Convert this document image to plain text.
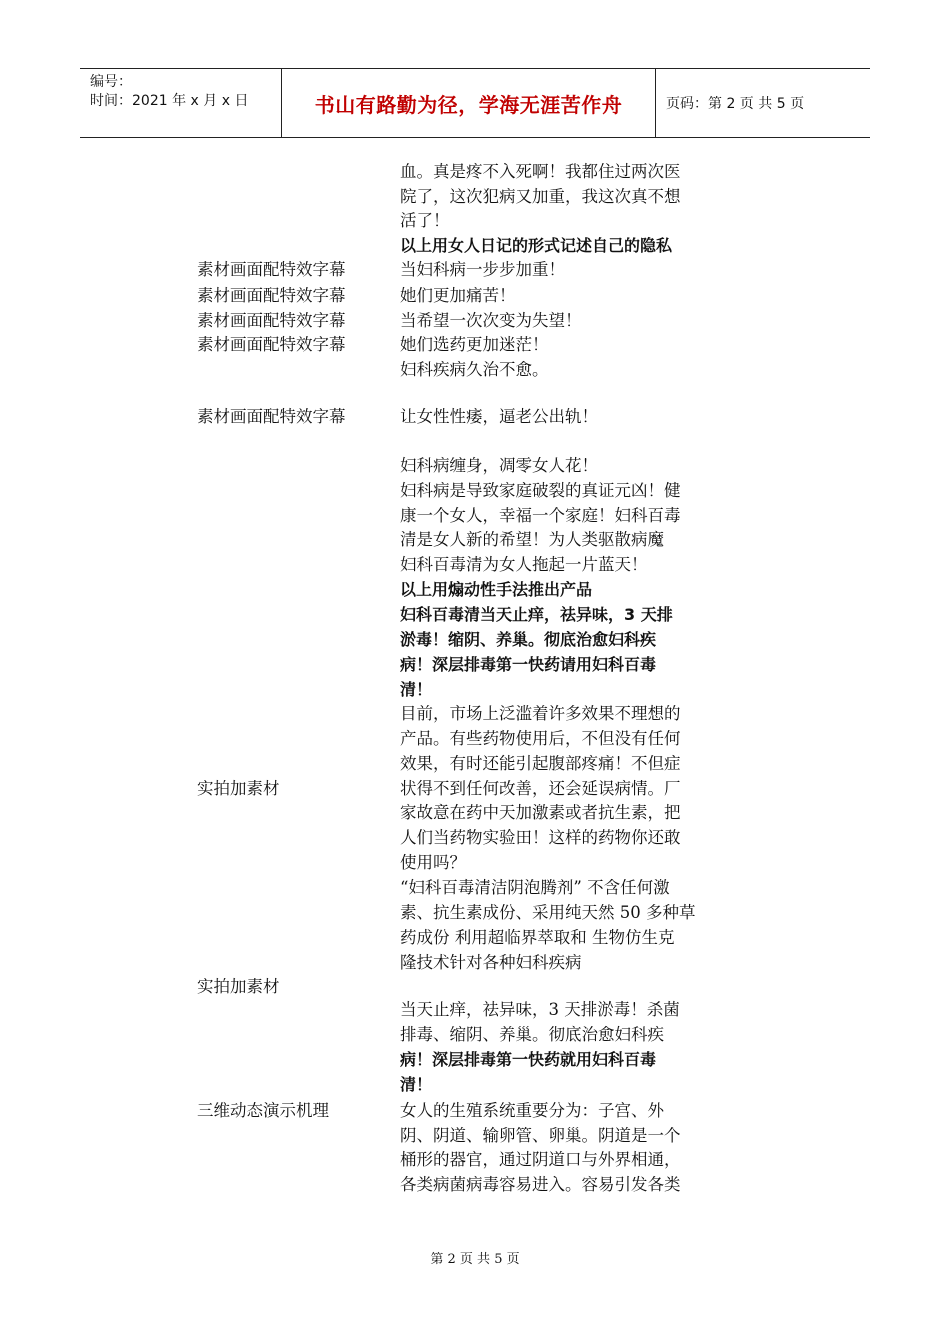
编号：
时间：2021 年 x 月 x 日	书山有路勤为径，学海无涯苦作舟	页码：第 2 页 共 5 页
素材画面配特效字幕
素材画面配特效字幕
素材画面配特效字幕
素材画面配特效字幕
素材画面配特效字幕
实拍加素材
实拍加素材
三维动态演示机理
血。真是疼不入死啊！我都住过两次医
院了，这次犯病又加重，我这次真不想
活了！
以上用女人日记的形式记述自己的隐私
当妇科病一步步加重！
她们更加痛苦！
当希望一次次变为失望！
她们选药更加迷茫！
妇科疾病久治不愈。
让女性性痿，逼老公出轨！
妇科病缠身，凋零女人花！
妇科病是导致家庭破裂的真证元凶！健
康一个女人，幸福一个家庭！妇科百毒
清是女人新的希望！为人类驱散病魔
妇科百毒清为女人拖起一片蓝天！
以上用煽动性手法推出产品
妇科百毒清当天止痒，祛异味，3 天排
淤毒！缩阴、养巢。彻底治愈妇科疾
病！深层排毒第一快药请用妇科百毒
清！
目前，市场上泛滥着许多效果不理想的
产品。有些药物使用后，不但没有任何
效果，有时还能引起腹部疼痛！不但症
状得不到任何改善，还会延误病情。厂
家故意在药中天加激素或者抗生素，把
人们当药物实验田！这样的药物你还敢
使用吗？
“妇科百毒清洁阴泡腾剂” 不含任何激
素、抗生素成份、采用纯天然 50 多种草
药成份 利用超临界萃取和 生物仿生克
隆技术针对各种妇科疾病
当天止痒，祛异味，3 天排淤毒！杀菌
排毒、缩阴、养巢。彻底治愈妇科疾
病！深层排毒第一快药就用妇科百毒
清！
女人的生殖系统重要分为：子宫、外
阴、阴道、输卵管、卵巢。阴道是一个
桶形的器官，通过阴道口与外界相通，
各类病菌病毒容易进入。容易引发各类
第 2 页 共 5 页
